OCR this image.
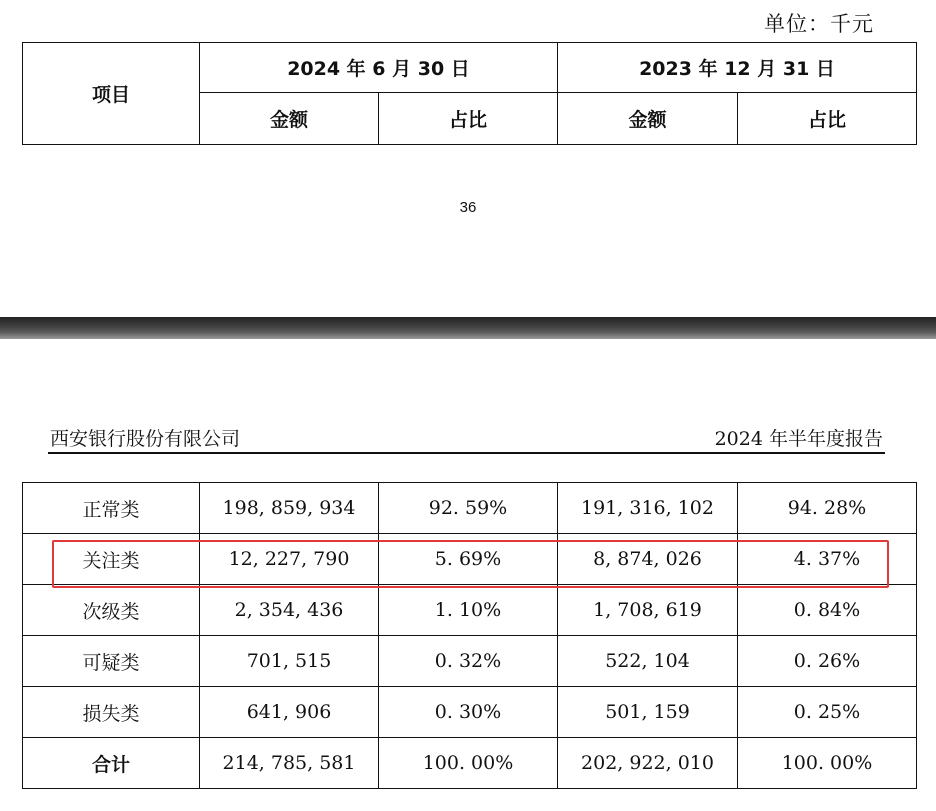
单位：千元
项目	2024 年 6 月 30 日		2023 年 12 月 31 日	
	金额	占比	金额	占比
36
西安银行股份有限公司	2024 年半年度报告
正常类	198, 859, 934	92. 59%	191, 316, 102	94. 28%
关注类	12, 227, 790	5. 69%	8, 874, 026	4. 37%
次级类	2, 354, 436	1. 10%	1, 708, 619	0. 84%
可疑类	701, 515	0. 32%	522, 104	0. 26%
损失类	641, 906	0. 30%	501, 159	0. 25%
合计	214, 785, 581	100. 00%	202, 922, 010	100. 00%
